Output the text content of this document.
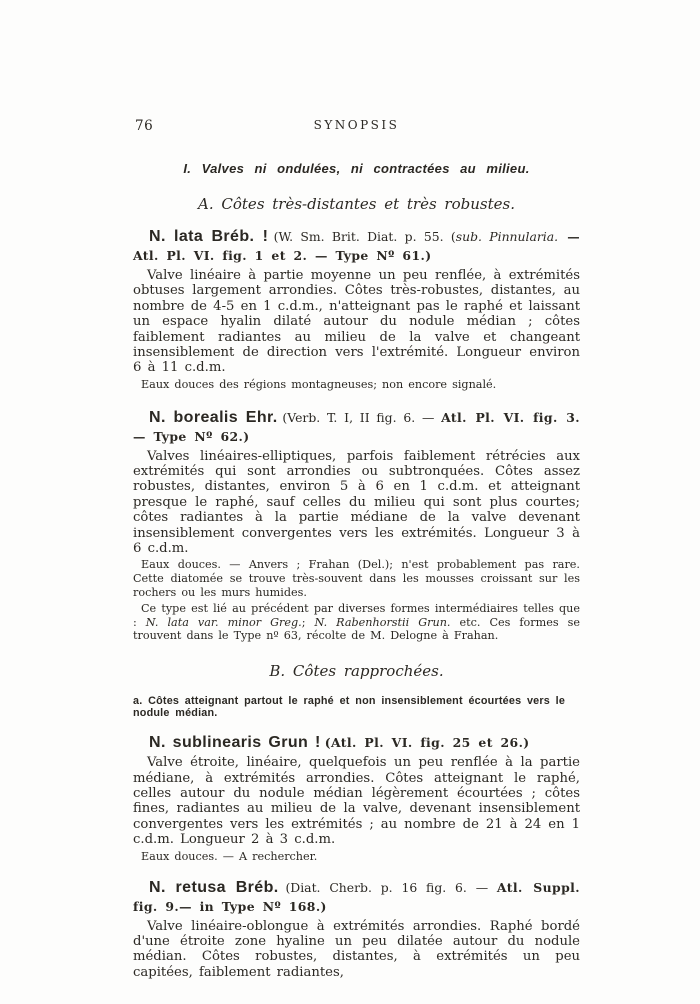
76	SYNOPSIS

I. Valves ni ondulées, ni contractées au milieu.

A. Côtes très-distantes et très robustes.

N. lata Bréb. ! (W. Sm. Brit. Diat. p. 55. (sub. Pinnularia. — Atl. Pl. VI. fig. 1 et 2. — Type Nº 61.)

Valve linéaire à partie moyenne un peu renflée, à extrémités obtuses largement arrondies. Côtes très-robustes, distantes, au nombre de 4-5 en 1 c.d.m., n'atteignant pas le raphé et laissant un espace hyalin dilaté autour du nodule médian ; côtes faiblement radiantes au milieu de la valve et changeant insensiblement de direction vers l'extrémité. Longueur environ 6 à 11 c.d.m.

Eaux douces des régions montagneuses; non encore signalé.

N. borealis Ehr. (Verb. T. I, II fig. 6. — Atl. Pl. VI. fig. 3. — Type Nº 62.)

Valves linéaires-elliptiques, parfois faiblement rétrécies aux extrémités qui sont arrondies ou subtronquées. Côtes assez robustes, distantes, environ 5 à 6 en 1 c.d.m. et atteignant presque le raphé, sauf celles du milieu qui sont plus courtes; côtes radiantes à la partie médiane de la valve devenant insensiblement convergentes vers les extrémités. Longueur 3 à 6 c.d.m.

Eaux douces. — Anvers ; Frahan (Del.); n'est probablement pas rare. Cette diatomée se trouve très-souvent dans les mousses croissant sur les rochers ou les murs humides.

Ce type est lié au précédent par diverses formes intermédiaires telles que : N. lata var. minor Greg.; N. Rabenhorstii Grun. etc. Ces formes se trouvent dans le Type nº 63, récolte de M. Delogne à Frahan.

B. Côtes rapprochées.

a. Côtes atteignant partout le raphé et non insensiblement écourtées vers le nodule médian.

N. sublinearis Grun ! (Atl. Pl. VI. fig. 25 et 26.)

Valve étroite, linéaire, quelquefois un peu renflée à la partie médiane, à extrémités arrondies. Côtes atteignant le raphé, celles autour du nodule médian légèrement écourtées ; côtes fines, radiantes au milieu de la valve, devenant insensiblement convergentes vers les extrémités ; au nombre de 21 à 24 en 1 c.d.m. Longueur 2 à 3 c.d.m.

Eaux douces. — A rechercher.

N. retusa Bréb. (Diat. Cherb. p. 16 fig. 6. — Atl. Suppl. fig. 9.— in Type Nº 168.)

Valve linéaire-oblongue à extrémités arrondies. Raphé bordé d'une étroite zone hyaline un peu dilatée autour du nodule médian. Côtes robustes, distantes, à extrémités un peu capitées, faiblement radiantes,
